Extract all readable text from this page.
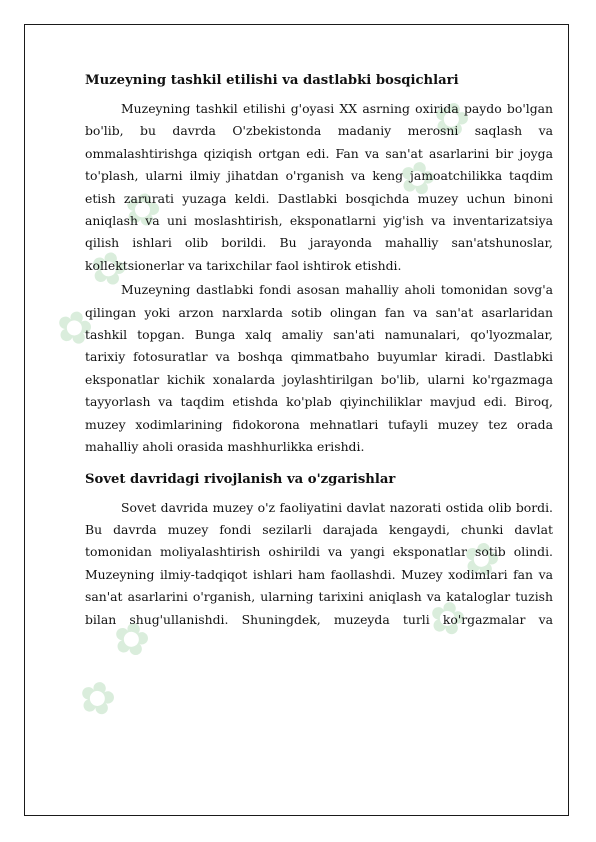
✿ ✿ ✿
✿ ✿
✿ ✿
✿ ✿
Muzeyning tashkil etilishi va dastlabki bosqichlari

Muzeyning tashkil etilishi g'oyasi XX asrning oxirida paydo bo'lgan bo'lib, bu davrda O'zbekistonda madaniy merosni saqlash va ommalashtirishga qiziqish ortgan edi. Fan va san'at asarlarini bir joyga to'plash, ularni ilmiy jihatdan o'rganish va keng jamoatchilikka taqdim etish zarurati yuzaga keldi. Dastlabki bosqichda muzey uchun binoni aniqlash va uni moslashtirish, eksponatlarni yig'ish va inventarizatsiya qilish ishlari olib borildi. Bu jarayonda mahalliy san'atshunoslar, kollektsionerlar va tarixchilar faol ishtirok etishdi.

Muzeyning dastlabki fondi asosan mahalliy aholi tomonidan sovg'a qilingan yoki arzon narxlarda sotib olingan fan va san'at asarlaridan tashkil topgan. Bunga xalq amaliy san'ati namunalari, qo'lyozmalar, tarixiy fotosuratlar va boshqa qimmatbaho buyumlar kiradi. Dastlabki eksponatlar kichik xonalarda joylashtirilgan bo'lib, ularni ko'rgazmaga tayyorlash va taqdim etishda ko'plab qiyinchiliklar mavjud edi. Biroq, muzey xodimlarining fidokorona mehnatlari tufayli muzey tez orada mahalliy aholi orasida mashhurlikka erishdi.

Sovet davridagi rivojlanish va o'zgarishlar

Sovet davrida muzey o'z faoliyatini davlat nazorati ostida olib bordi. Bu davrda muzey fondi sezilarli darajada kengaydi, chunki davlat tomonidan moliyalashtirish oshirildi va yangi eksponatlar sotib olindi. Muzeyning ilmiy-tadqiqot ishlari ham faollashdi. Muzey xodimlari fan va san'at asarlarini o'rganish, ularning tarixini aniqlash va kataloglar tuzish bilan shug'ullanishdi. Shuningdek, muzeyda turli ko'rgazmalar va
